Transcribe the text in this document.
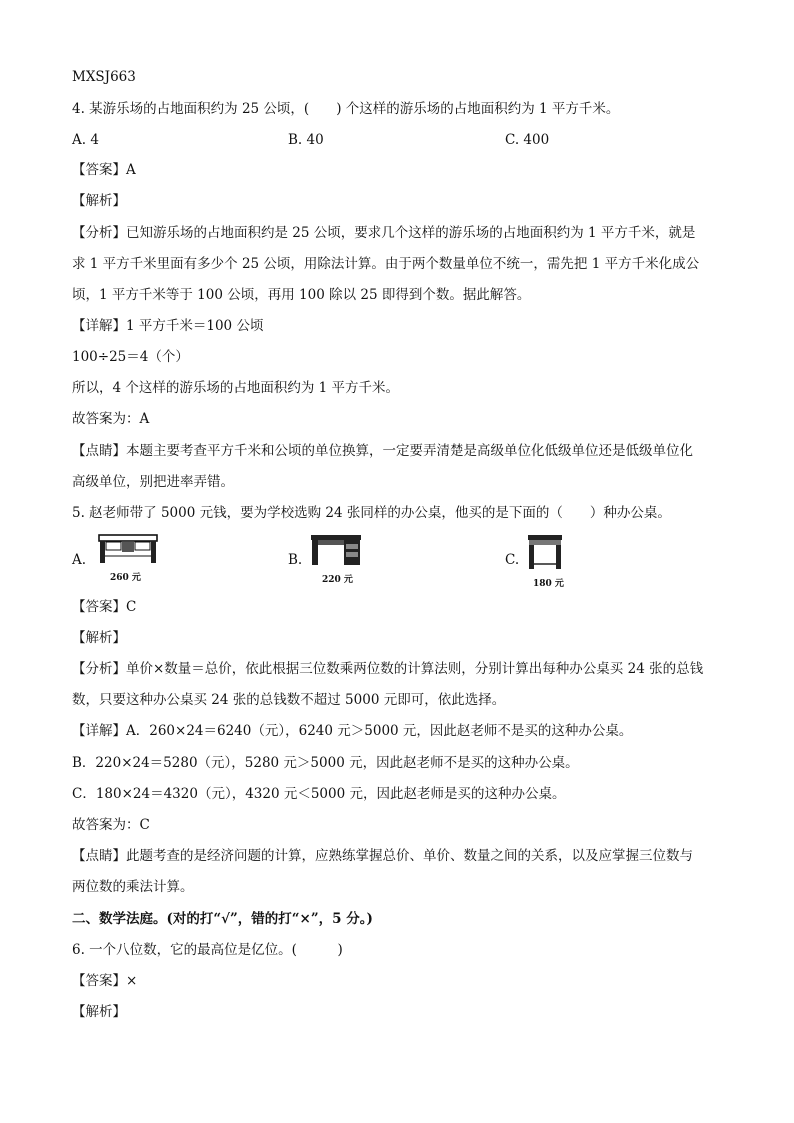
MXSJ663
4. 某游乐场的占地面积约为 25 公顷，(　　) 个这样的游乐场的占地面积约为 1 平方千米。
A. 4	B. 40	C. 400
【答案】A
【解析】
【分析】已知游乐场的占地面积约是 25 公顷，要求几个这样的游乐场的占地面积约为 1 平方千米，就是
求 1 平方千米里面有多少个 25 公顷，用除法计算。由于两个数量单位不统一，需先把 1 平方千米化成公
顷，1 平方千米等于 100 公顷，再用 100 除以 25 即得到个数。据此解答。
【详解】1 平方千米＝100 公顷
100÷25＝4（个）
所以，4 个这样的游乐场的占地面积约为 1 平方千米。
故答案为：A
【点睛】本题主要考查平方千米和公顷的单位换算，一定要弄清楚是高级单位化低级单位还是低级单位化
高级单位，别把进率弄错。
5. 赵老师带了 5000 元钱，要为学校选购 24 张同样的办公桌，他买的是下面的（　　）种办公桌。
A.
260 元
B.
220 元
C.
180 元
【答案】C
【解析】
【分析】单价×数量＝总价，依此根据三位数乘两位数的计算法则，分别计算出每种办公桌买 24 张的总钱
数，只要这种办公桌买 24 张的总钱数不超过 5000 元即可，依此选择。
【详解】A．260×24＝6240（元），6240 元＞5000 元，因此赵老师不是买的这种办公桌。
B．220×24＝5280（元），5280 元＞5000 元，因此赵老师不是买的这种办公桌。
C．180×24＝4320（元），4320 元＜5000 元，因此赵老师是买的这种办公桌。
故答案为：C
【点睛】此题考查的是经济问题的计算，应熟练掌握总价、单价、数量之间的关系，以及应掌握三位数与
两位数的乘法计算。
二、数学法庭。(对的打“√”，错的打“×”，5 分。)
6. 一个八位数，它的最高位是亿位。(　　　)
【答案】×
【解析】
